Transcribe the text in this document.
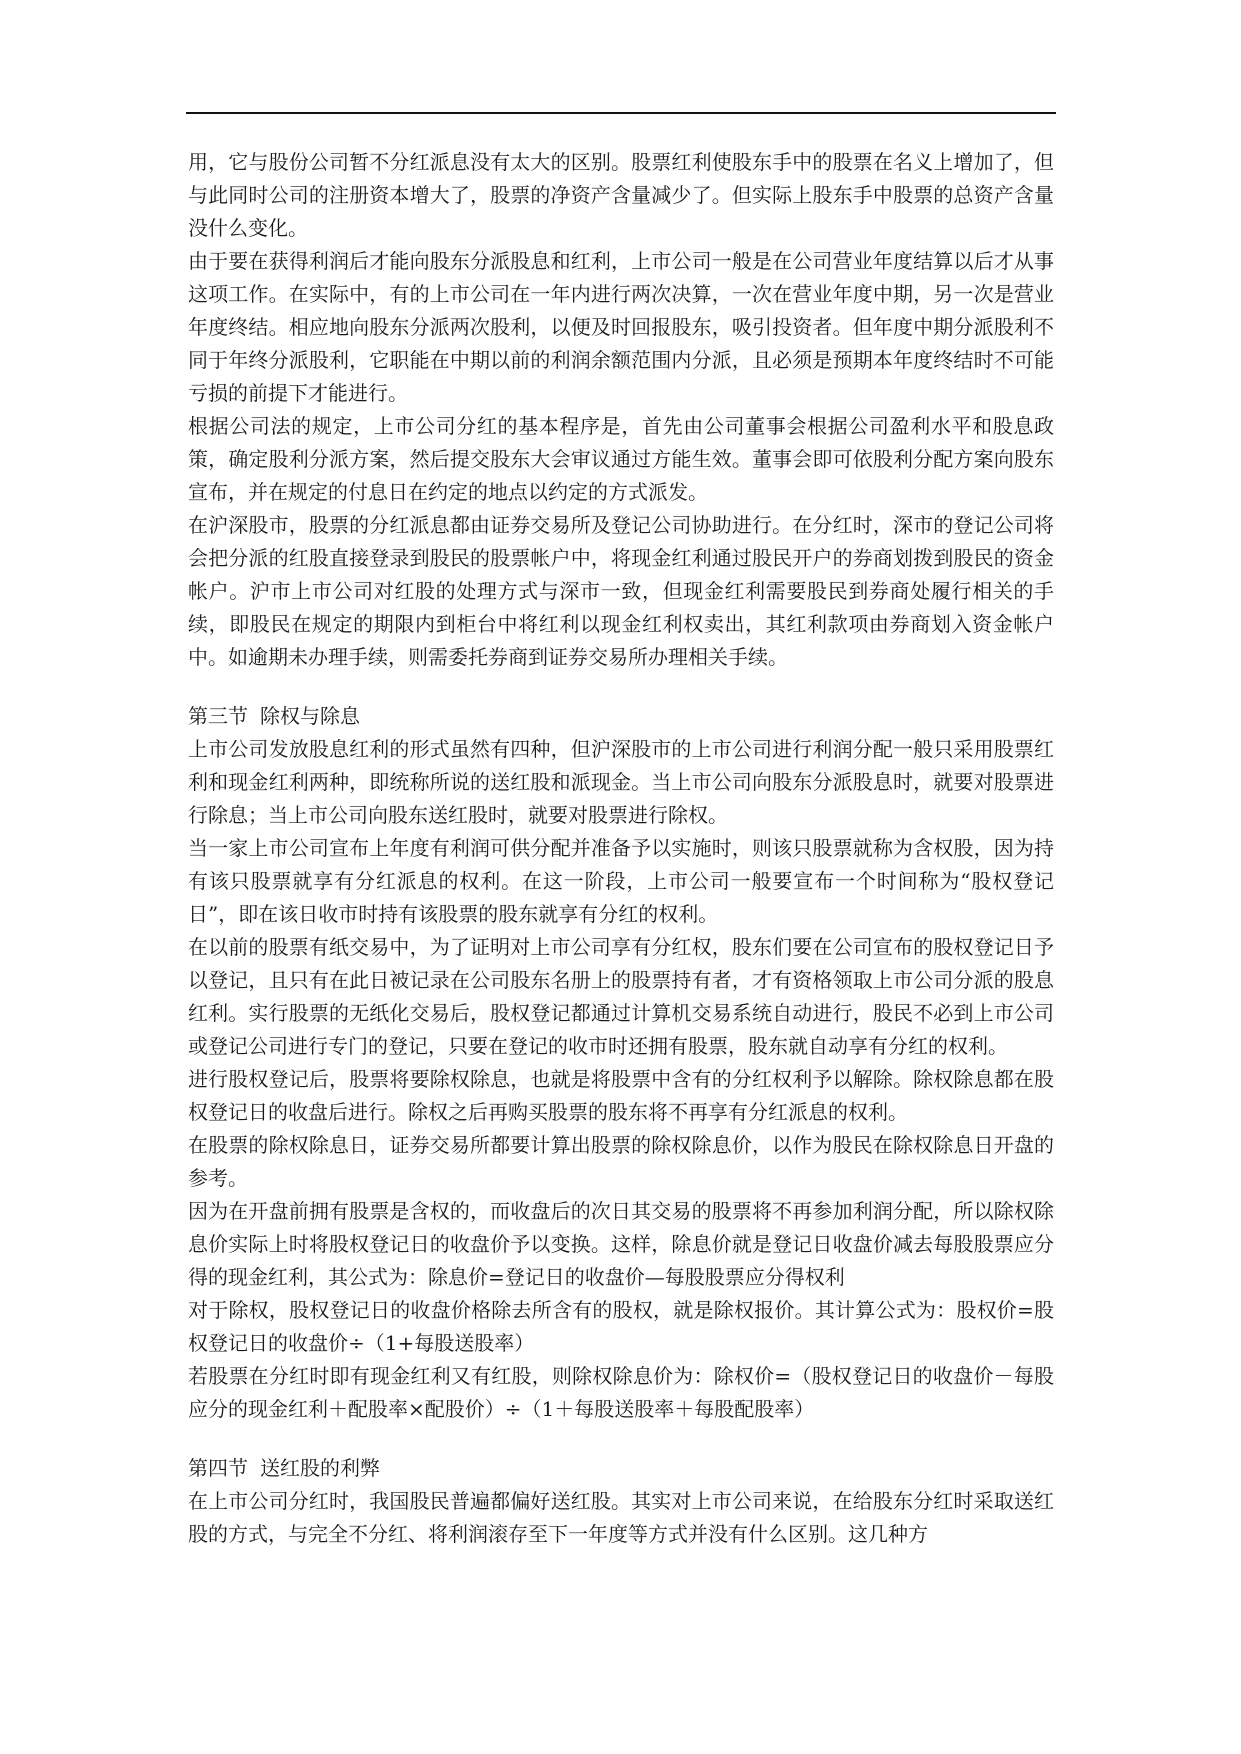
用，它与股份公司暂不分红派息没有太大的区别。股票红利使股东手中的股票在名义上增加了，但与此同时公司的注册资本增大了，股票的净资产含量减少了。但实际上股东手中股票的总资产含量没什么变化。

由于要在获得利润后才能向股东分派股息和红利，上市公司一般是在公司营业年度结算以后才从事这项工作。在实际中，有的上市公司在一年内进行两次决算，一次在营业年度中期，另一次是营业年度终结。相应地向股东分派两次股利，以便及时回报股东，吸引投资者。但年度中期分派股利不同于年终分派股利，它职能在中期以前的利润余额范围内分派，且必须是预期本年度终结时不可能亏损的前提下才能进行。

根据公司法的规定，上市公司分红的基本程序是，首先由公司董事会根据公司盈利水平和股息政策，确定股利分派方案，然后提交股东大会审议通过方能生效。董事会即可依股利分配方案向股东宣布，并在规定的付息日在约定的地点以约定的方式派发。

在沪深股市，股票的分红派息都由证券交易所及登记公司协助进行。在分红时，深市的登记公司将会把分派的红股直接登录到股民的股票帐户中，将现金红利通过股民开户的券商划拨到股民的资金帐户。沪市上市公司对红股的处理方式与深市一致，但现金红利需要股民到券商处履行相关的手续，即股民在规定的期限内到柜台中将红利以现金红利权卖出，其红利款项由券商划入资金帐户中。如逾期未办理手续，则需委托券商到证券交易所办理相关手续。

第三节 除权与除息

上市公司发放股息红利的形式虽然有四种，但沪深股市的上市公司进行利润分配一般只采用股票红利和现金红利两种，即统称所说的送红股和派现金。当上市公司向股东分派股息时，就要对股票进行除息；当上市公司向股东送红股时，就要对股票进行除权。

当一家上市公司宣布上年度有利润可供分配并准备予以实施时，则该只股票就称为含权股，因为持有该只股票就享有分红派息的权利。在这一阶段，上市公司一般要宣布一个时间称为“股权登记日”，即在该日收市时持有该股票的股东就享有分红的权利。

在以前的股票有纸交易中，为了证明对上市公司享有分红权，股东们要在公司宣布的股权登记日予以登记，且只有在此日被记录在公司股东名册上的股票持有者，才有资格领取上市公司分派的股息红利。实行股票的无纸化交易后，股权登记都通过计算机交易系统自动进行，股民不必到上市公司或登记公司进行专门的登记，只要在登记的收市时还拥有股票，股东就自动享有分红的权利。

进行股权登记后，股票将要除权除息，也就是将股票中含有的分红权利予以解除。除权除息都在股权登记日的收盘后进行。除权之后再购买股票的股东将不再享有分红派息的权利。

在股票的除权除息日，证券交易所都要计算出股票的除权除息价，以作为股民在除权除息日开盘的参考。

因为在开盘前拥有股票是含权的，而收盘后的次日其交易的股票将不再参加利润分配，所以除权除息价实际上时将股权登记日的收盘价予以变换。这样，除息价就是登记日收盘价减去每股股票应分得的现金红利，其公式为：除息价=登记日的收盘价—每股股票应分得权利

对于除权，股权登记日的收盘价格除去所含有的股权，就是除权报价。其计算公式为：股权价=股权登记日的收盘价÷（1+每股送股率）

若股票在分红时即有现金红利又有红股，则除权除息价为：除权价=（股权登记日的收盘价－每股应分的现金红利＋配股率×配股价）÷（1＋每股送股率＋每股配股率）

第四节 送红股的利弊

在上市公司分红时，我国股民普遍都偏好送红股。其实对上市公司来说，在给股东分红时采取送红股的方式，与完全不分红、将利润滚存至下一年度等方式并没有什么区别。这几种方
